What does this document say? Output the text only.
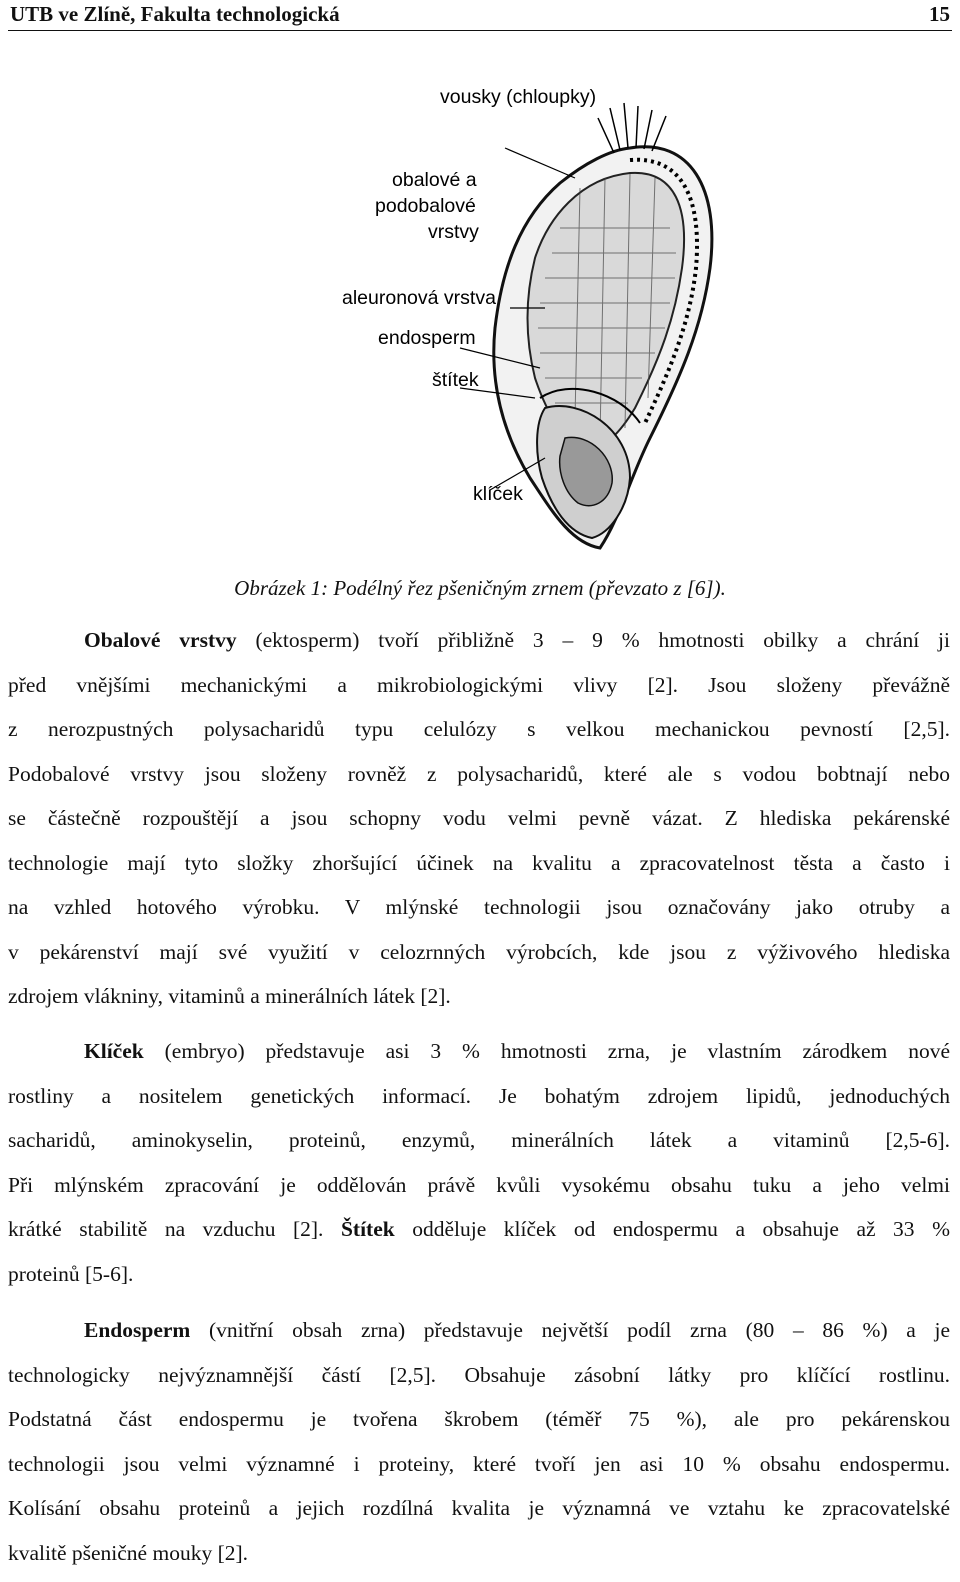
UTB ve Zlíně, Fakulta technologická	15
vousky (chloupky)
obalové a
podobalové
vrstvy
aleuronová vrstva
endosperm
štítek
klíček
Obrázek 1: Podélný řez pšeničným zrnem (převzato z [6]).
Obalové vrstvy (ektosperm) tvoří přibližně 3 – 9 % hmotnosti obilky a chrání ji
před vnějšími mechanickými a mikrobiologickými vlivy [2]. Jsou složeny převážně
z nerozpustných polysacharidů typu celulózy s velkou mechanickou pevností [2,5].
Podobalové vrstvy jsou složeny rovněž z polysacharidů, které ale s vodou bobtnají nebo
se částečně rozpouštějí a jsou schopny vodu velmi pevně vázat. Z hlediska pekárenské
technologie mají tyto složky zhoršující účinek na kvalitu a zpracovatelnost těsta a často i
na vzhled hotového výrobku. V mlýnské technologii jsou označovány jako otruby a
v pekárenství mají své využití v celozrnných výrobcích, kde jsou z výživového hlediska
zdrojem vlákniny, vitaminů a minerálních látek [2].
Klíček (embryo) představuje asi 3 % hmotnosti zrna, je vlastním zárodkem nové
rostliny a nositelem genetických informací. Je bohatým zdrojem lipidů, jednoduchých
sacharidů, aminokyselin, proteinů, enzymů, minerálních látek a vitaminů [2,5-6].
Při mlýnském zpracování je oddělován právě kvůli vysokému obsahu tuku a jeho velmi
krátké stabilitě na vzduchu [2]. Štítek odděluje klíček od endospermu a obsahuje až 33 %
proteinů [5-6].
Endosperm (vnitřní obsah zrna) představuje největší podíl zrna (80 – 86 %) a je
technologicky nejvýznamnější částí [2,5]. Obsahuje zásobní látky pro klíčící rostlinu.
Podstatná část endospermu je tvořena škrobem (téměř 75 %), ale pro pekárenskou
technologii jsou velmi významné i proteiny, které tvoří jen asi 10 % obsahu endospermu.
Kolísání obsahu proteinů a jejich rozdílná kvalita je významná ve vztahu ke zpracovatelské
kvalitě pšeničné mouky [2].
